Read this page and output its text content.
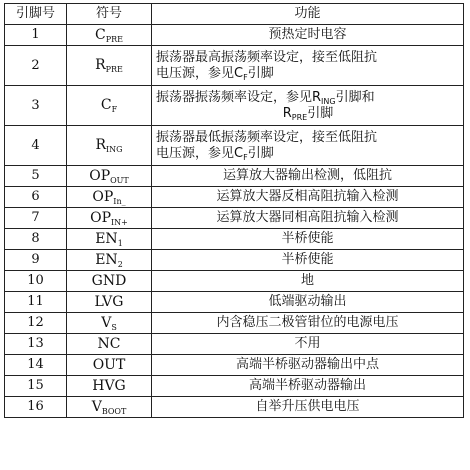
引脚号	符号	功能
1	$C_{PRE}$	预热定时电容
2	$R_{PRE}$	振荡器最高振荡频率设定，接至低阻抗
电压源，参见$C_F$引脚

3	$C_F$	振荡器振荡频率设定，参见$R_{ING}$引脚和
$R_{PRE}$引脚

4	$R_{ING}$	振荡器最低振荡频率设定，接至低阻抗
电压源，参见$C_F$引脚

5	$OP_{OUT}$	运算放大器输出检测，低阻抗
6	$OP_{In\_}$	运算放大器反相高阻抗输入检测
7	$OP_{IN+}$	运算放大器同相高阻抗输入检测
8	$EN_1$	半桥使能
9	$EN_2$	半桥使能
10	GND	地
11	LVG	低端驱动输出
12	$V_S$	内含稳压二极管钳位的电源电压
13	NC	不用
14	OUT	高端半桥驱动器输出中点
15	HVG	高端半桥驱动器输出
16	$V_{BOOT}$	自举升压供电电压
